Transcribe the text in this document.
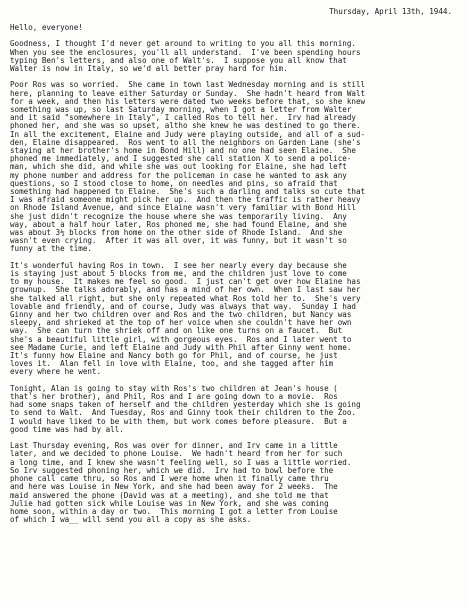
Thursday, April 13th, 1944.
Hello, everyone!
Goodness, I thought I'd never get around to writing to you all this morning.
When you see the enclosures, you'll all understand.  I've been spending hours
typing Ben's letters, and also one of Walt's.  I suppose you all know that
Walter is now in Italy, so we'd all better pray hard for him.
Poor Ros was so worried.  She came in town last Wednesday morning and is still
here, planning to leave either Saturday or Sunday.  She hadn't heard from Walt
for a week, and then his letters were dated two weeks before that, so she knew
something was up, so last Saturday morning, when I got a letter from Walter
and it said "somewhere in Italy", I called Ros to tell her.  Irv had already
phoned her, and she was so upset, altho she knew he was destined to go there.
In all the excitement, Elaine and Judy were playing outside, and all of a sud-
den, Elaine disappeared.  Ros went to all the neighbors on Garden Lane (she's
staying at her brother's home in Bond Hill) and no one had seen Elaine.  She
phoned me immediately, and I suggested she call station X to send a police-
man, which she did, and while she was out looking for Elaine, she had left
my phone number and address for the policeman in case he wanted to ask any
questions, so I stood close to home, on needles and pins, so afraid that
something had happened to Elaine.  She's such a darling and talks so cute that
I was afraid someone might pick her up.  And then the traffic is rather heavy
on Rhode Island Avenue, and since Elaine wasn't very familiar with Bond Hill
she just didn't recognize the house where she was temporarily living.  Any
way, about a half hour later, Ros phoned me, she had found Elaine, and she
was about 3½ blocks from home on the other side of Rhode Island.  And she
wasn't even crying.  After it was all over, it was funny, but it wasn't so
funny at the time.
It's wonderful having Ros in town.  I see her nearly every day because she
is staying just about 5 blocks from me, and the children just love to come
to my house.  It makes me feel so good.  I just can't get over how Elaine has
grownup.  She talks adorably, and has a mind of her own.  When I last saw her
she talked all right, but she only repeated what Ros told her to.  She's very
lovable and friendly, and of course, Judy was always that way.  Sunday I had
Ginny and her two children over and Ros and the two children, but Nancy was
sleepy, and shrieked at the top of her voice when she couldn't have her own
way.  She can turn the shriek off and on like one turns on a faucet.  But
she's a beautiful little girl, with gorgeous eyes.  Ros and I later went to
see Madame Curie, and left Elaine and Judy with Phil after Ginny went home.
It's funny how Elaine and Nancy both go for Phil, and of course, he just
loves it.  Alan fell in love with Elaine, too, and she tagged after him
every where he went.
Tonight, Alan is going to stay with Ros's two children at Jean's house (
that's her brother), and Phil, Ros and I are going down to a movie.  Ros
had some snaps taken of herself and the children yesterday which she is going
to send to Walt.  And Tuesday, Ros and Ginny took their children to the Zoo.
I would have liked to be with them, but work comes before pleasure.  But a
good time was had by all.
Last Thursday evening, Ros was over for dinner, and Irv came in a little
later, and we decided to phone Louise.  We hadn't heard from her for such
a long time, and I knew she wasn't feeling well, so I was a little worried.
So Irv suggested phoning her, which we did.  Irv had to bowl before the
phone call came thru, so Ros and I were home when it finally came thru
and here was Louise in New York, and she had been away for 2 weeks.  The
maid answered the phone (David was at a meeting), and she told me that
Julie had gotten sick while Louise was in New York, and she was coming
home soon, within a day or two.  This morning I got a letter from Louise
of which I wa__ will send you all a copy as she asks.
